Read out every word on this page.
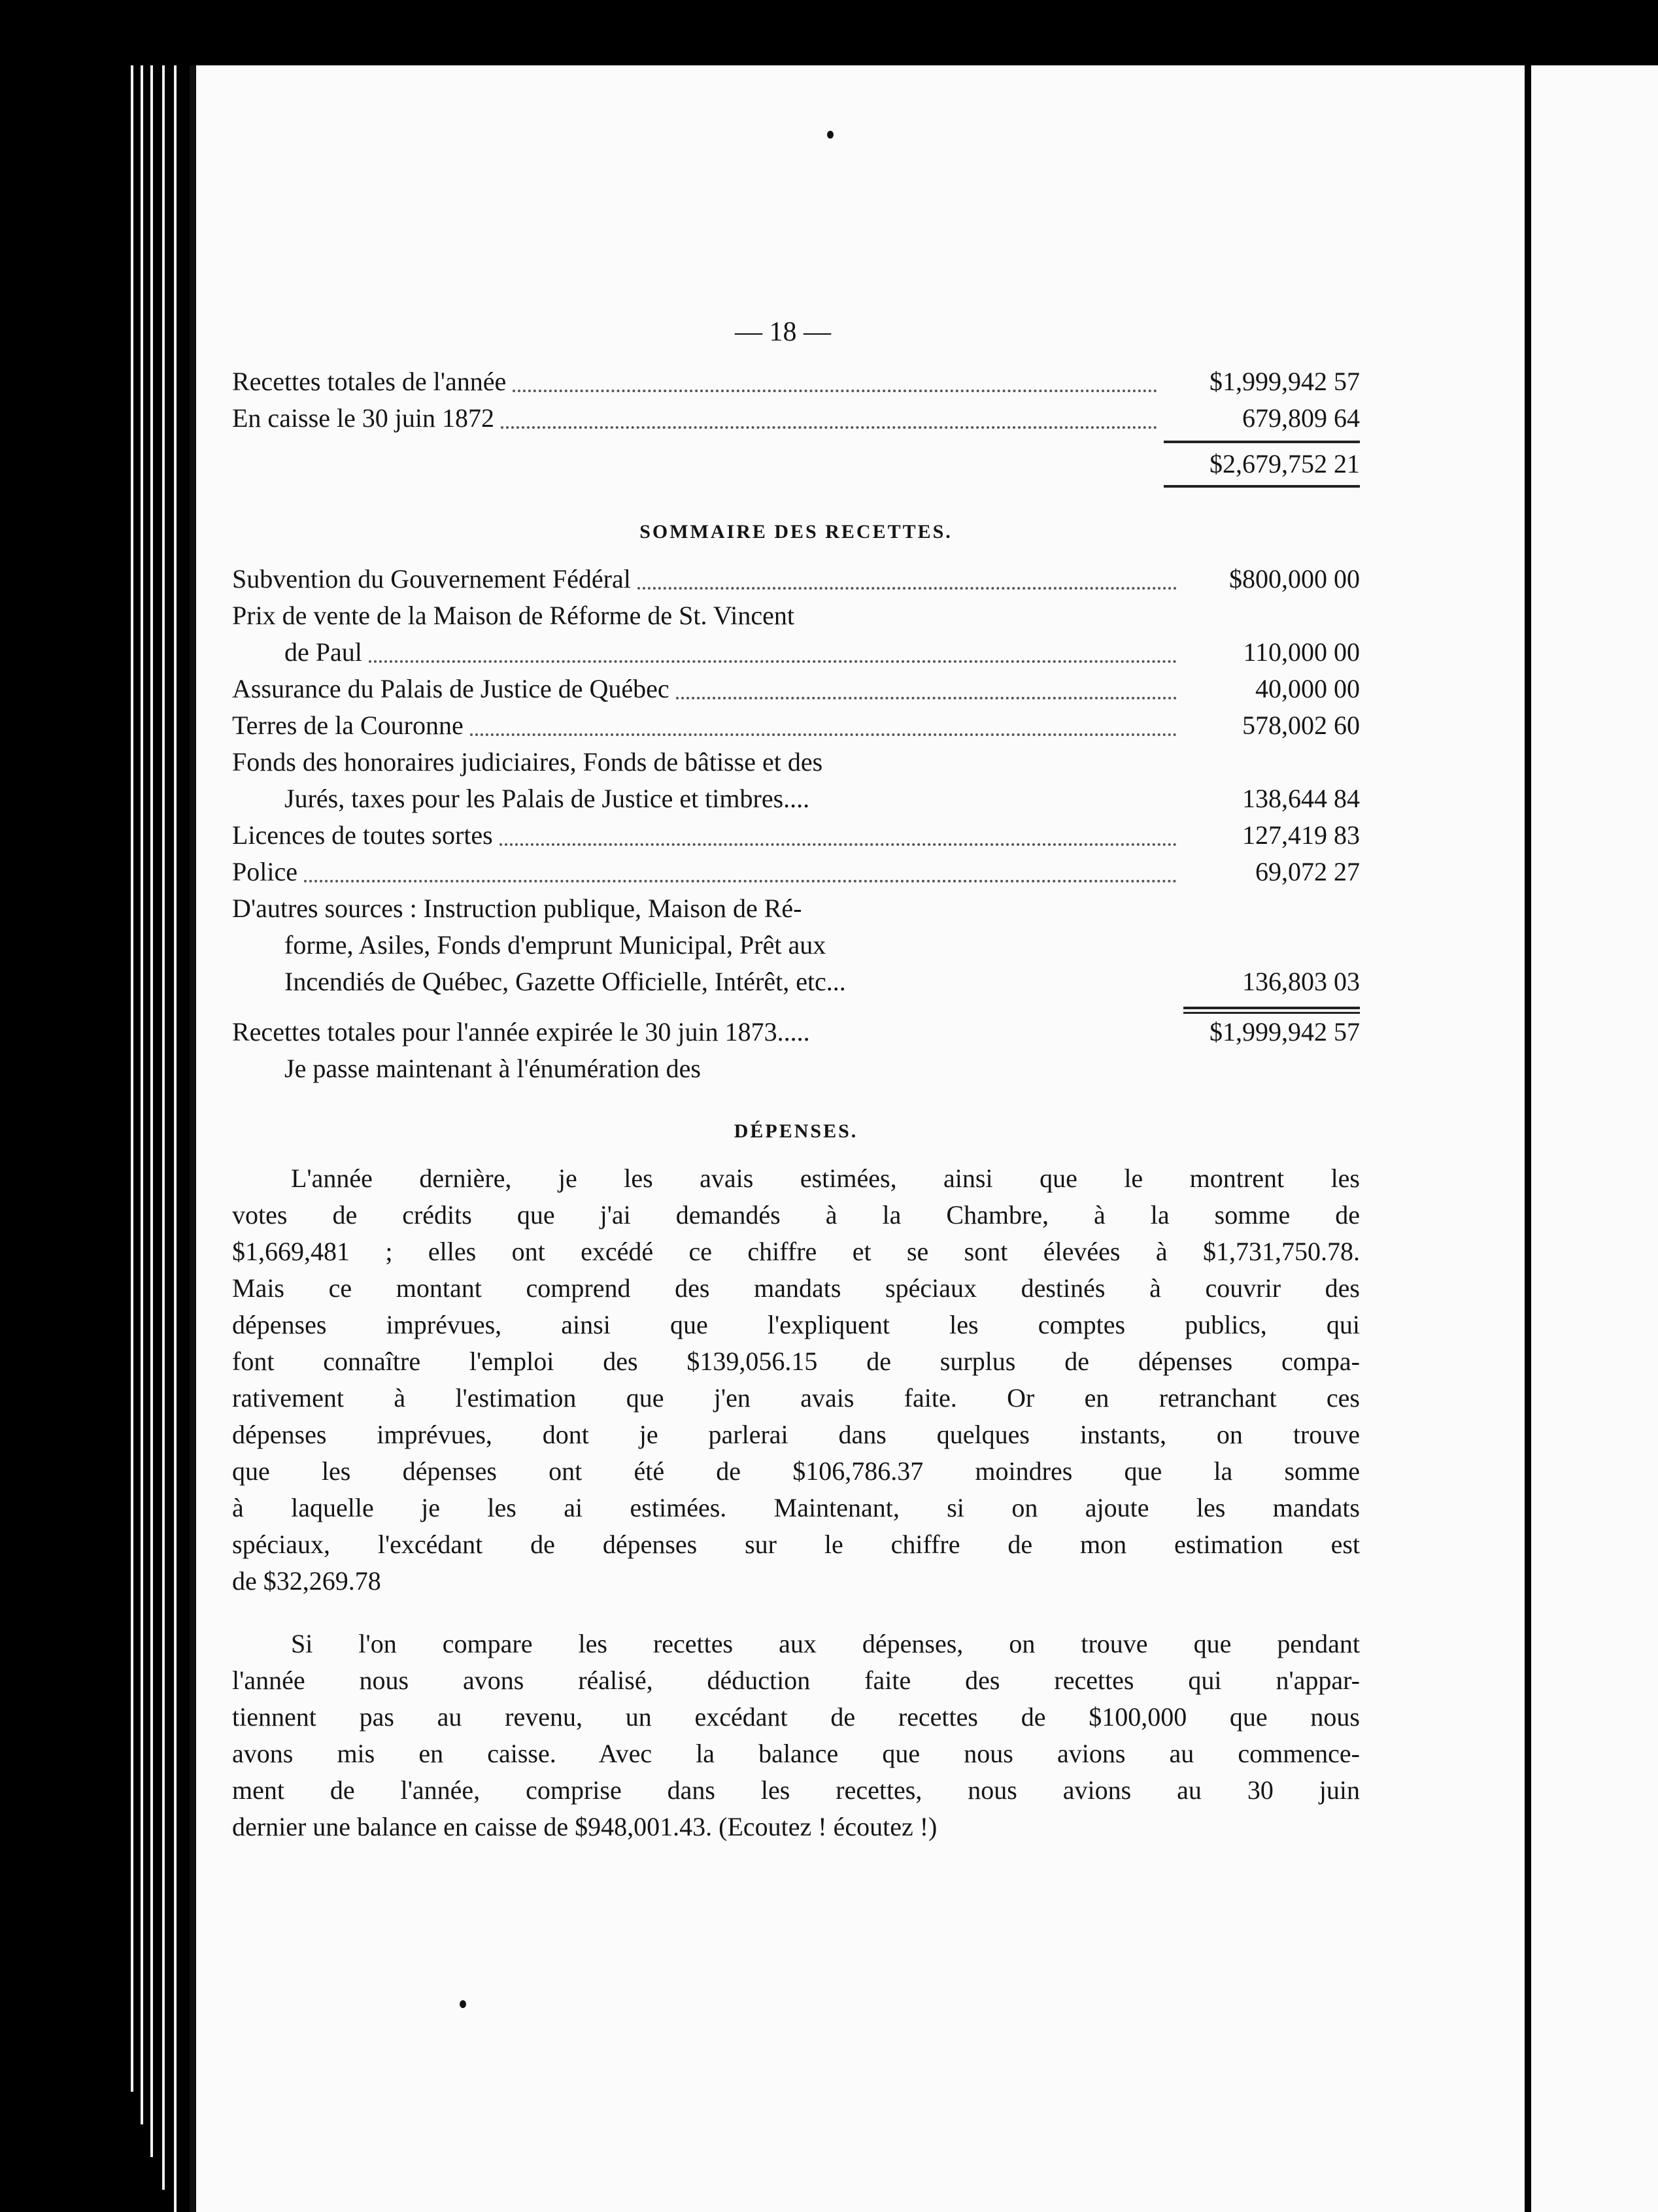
— 18 —
Recettes totales de l'année	$1,999,942 57
En caisse le 30 juin 1872	679,809 64
$2,679,752 21
SOMMAIRE DES RECETTES.
Subvention du Gouvernement Fédéral	$800,000 00
Prix de vente de la Maison de Réforme de St. Vincent
de Paul	110,000 00
Assurance du Palais de Justice de Québec	40,000 00
Terres de la Couronne	578,002 60
Fonds des honoraires judiciaires, Fonds de bâtisse et des
Jurés, taxes pour les Palais de Justice et timbres....	138,644 84
Licences de toutes sortes	127,419 83
Police	69,072 27
D'autres sources : Instruction publique, Maison de Ré-
forme, Asiles, Fonds d'emprunt Municipal, Prêt aux
Incendiés de Québec, Gazette Officielle, Intérêt, etc...	136,803 03
Recettes totales pour l'année expirée le 30 juin 1873.....	$1,999,942 57
Je passe maintenant à l'énumération des
DÉPENSES.
L'année dernière, je les avais estimées, ainsi que le montrent les
votes de crédits que j'ai demandés à la Chambre, à la somme de
$1,669,481 ; elles ont excédé ce chiffre et se sont élevées à $1,731,750.78.
Mais ce montant comprend des mandats spéciaux destinés à couvrir des
dépenses imprévues, ainsi que l'expliquent les comptes publics, qui
font connaître l'emploi des $139,056.15 de surplus de dépenses compa-
rativement à l'estimation que j'en avais faite. Or en retranchant ces
dépenses imprévues, dont je parlerai dans quelques instants, on trouve
que les dépenses ont été de $106,786.37 moindres que la somme
à laquelle je les ai estimées. Maintenant, si on ajoute les mandats
spéciaux, l'excédant de dépenses sur le chiffre de mon estimation est
de $32,269.78
Si l'on compare les recettes aux dépenses, on trouve que pendant
l'année nous avons réalisé, déduction faite des recettes qui n'appar-
tiennent pas au revenu, un excédant de recettes de $100,000 que nous
avons mis en caisse. Avec la balance que nous avions au commence-
ment de l'année, comprise dans les recettes, nous avions au 30 juin
dernier une balance en caisse de $948,001.43. (Ecoutez ! écoutez !)
